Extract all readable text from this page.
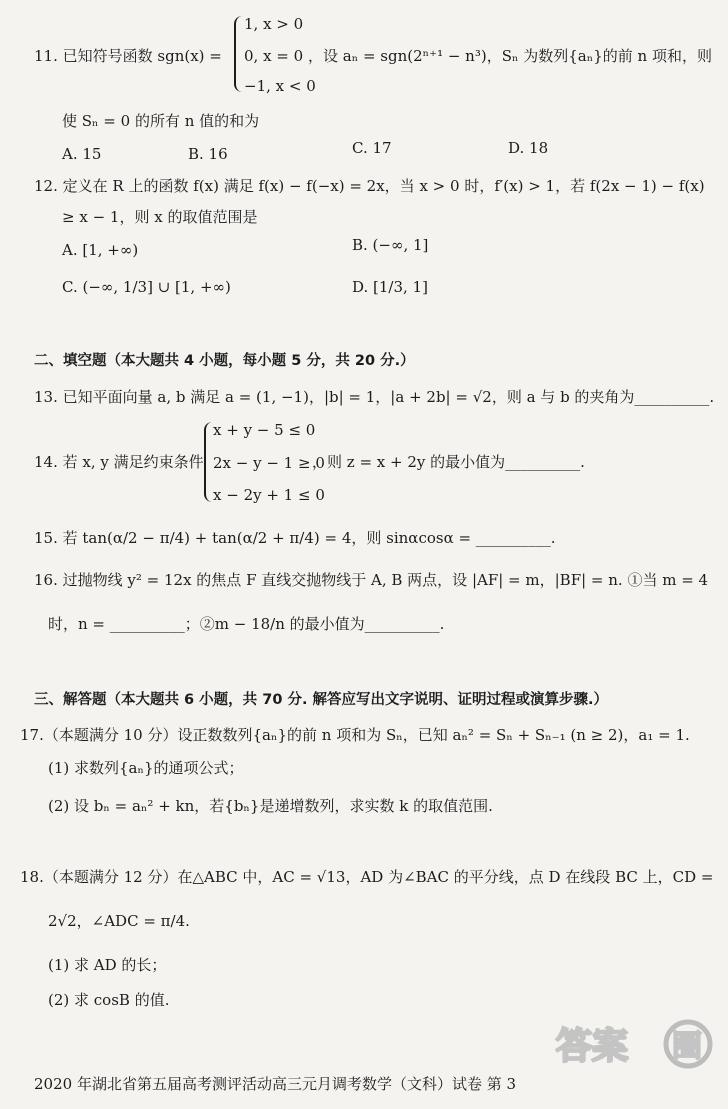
11. 已知符号函数 sgn(x) =
1, x > 0
0, x = 0
−1, x < 0
，设 aₙ = sgn(2ⁿ⁺¹ − n³)，Sₙ 为数列{aₙ}的前 n 项和，则
使 Sₙ = 0 的所有 n 值的和为
A. 15	B. 16	C. 17	D. 18
12. 定义在 R 上的函数 f(x) 满足 f(x) − f(−x) = 2x，当 x > 0 时，f′(x) > 1，若 f(2x − 1) − f(x)
≥ x − 1，则 x 的取值范围是
A. [1, +∞)	B. (−∞, 1]
C. (−∞, 1/3] ∪ [1, +∞)	D. [1/3, 1]
二、填空题（本大题共 4 小题，每小题 5 分，共 20 分.）
13. 已知平面向量 a, b 满足 a = (1, −1)，|b| = 1，|a + 2b| = √2，则 a 与 b 的夹角为__________.
14. 若 x, y 满足约束条件
x + y − 5 ≤ 0
2x − y − 1 ≥ 0
x − 2y + 1 ≤ 0
，则 z = x + 2y 的最小值为__________.
15. 若 tan(α/2 − π/4) + tan(α/2 + π/4) = 4，则 sinαcosα = __________.
16. 过抛物线 y² = 12x 的焦点 F 直线交抛物线于 A, B 两点，设 |AF| = m，|BF| = n. ①当 m = 4
时，n = __________；②m − 18/n 的最小值为__________.
三、解答题（本大题共 6 小题，共 70 分. 解答应写出文字说明、证明过程或演算步骤.）
17.（本题满分 10 分）设正数数列{aₙ}的前 n 项和为 Sₙ，已知 aₙ² = Sₙ + Sₙ₋₁ (n ≥ 2)，a₁ = 1.
(1) 求数列{aₙ}的通项公式；
(2) 设 bₙ = aₙ² + kn，若{bₙ}是递增数列，求实数 k 的取值范围.
18.（本题满分 12 分）在△ABC 中，AC = √13，AD 为∠BAC 的平分线，点 D 在线段 BC 上，CD =
2√2，∠ADC = π/4.
(1) 求 AD 的长；
(2) 求 cosB 的值.
2020 年湖北省第五届高考测评活动高三元月调考数学（文科）试卷 第 3
答案 圈
